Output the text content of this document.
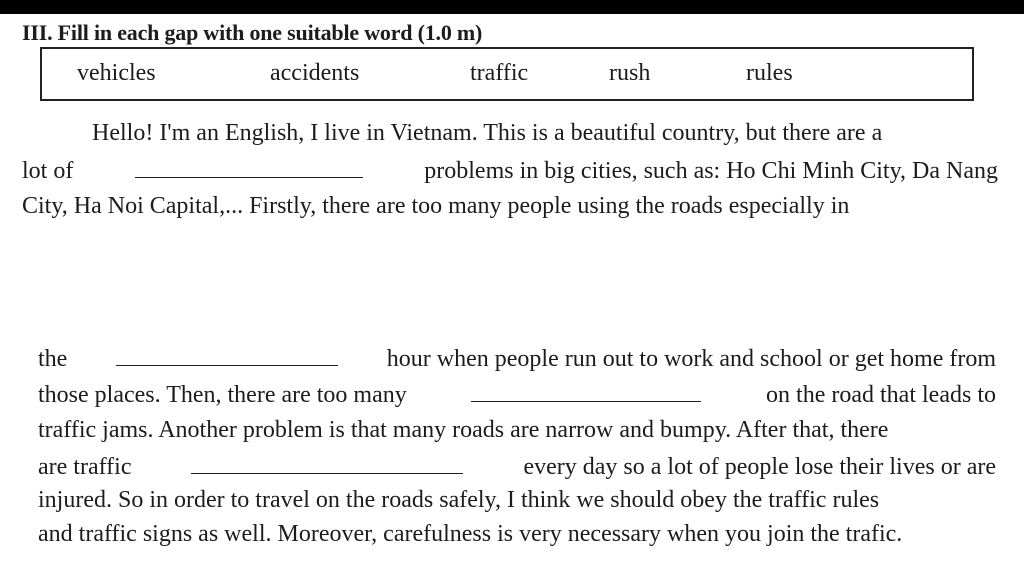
III. Fill in each gap with one suitable word (1.0 m)
vehicles	accidents	traffic	rush	rules
Hello! I'm an English, I live in Vietnam. This is a beautiful country, but there are a
lot of	problems in big cities, such as: Ho Chi Minh City, Da Nang
City, Ha Noi Capital,... Firstly, there are too many people using the roads especially in
the	hour when people run out to work and school or get home from
those places. Then, there are too many	on the road that leads to
traffic jams. Another problem is that many roads are narrow and bumpy. After that, there
are traffic	every day so a lot of people lose their lives or are
injured. So in order to travel on the roads safely, I think we should obey the traffic rules
and traffic signs as well. Moreover, carefulness is very necessary when you join the trafic.
